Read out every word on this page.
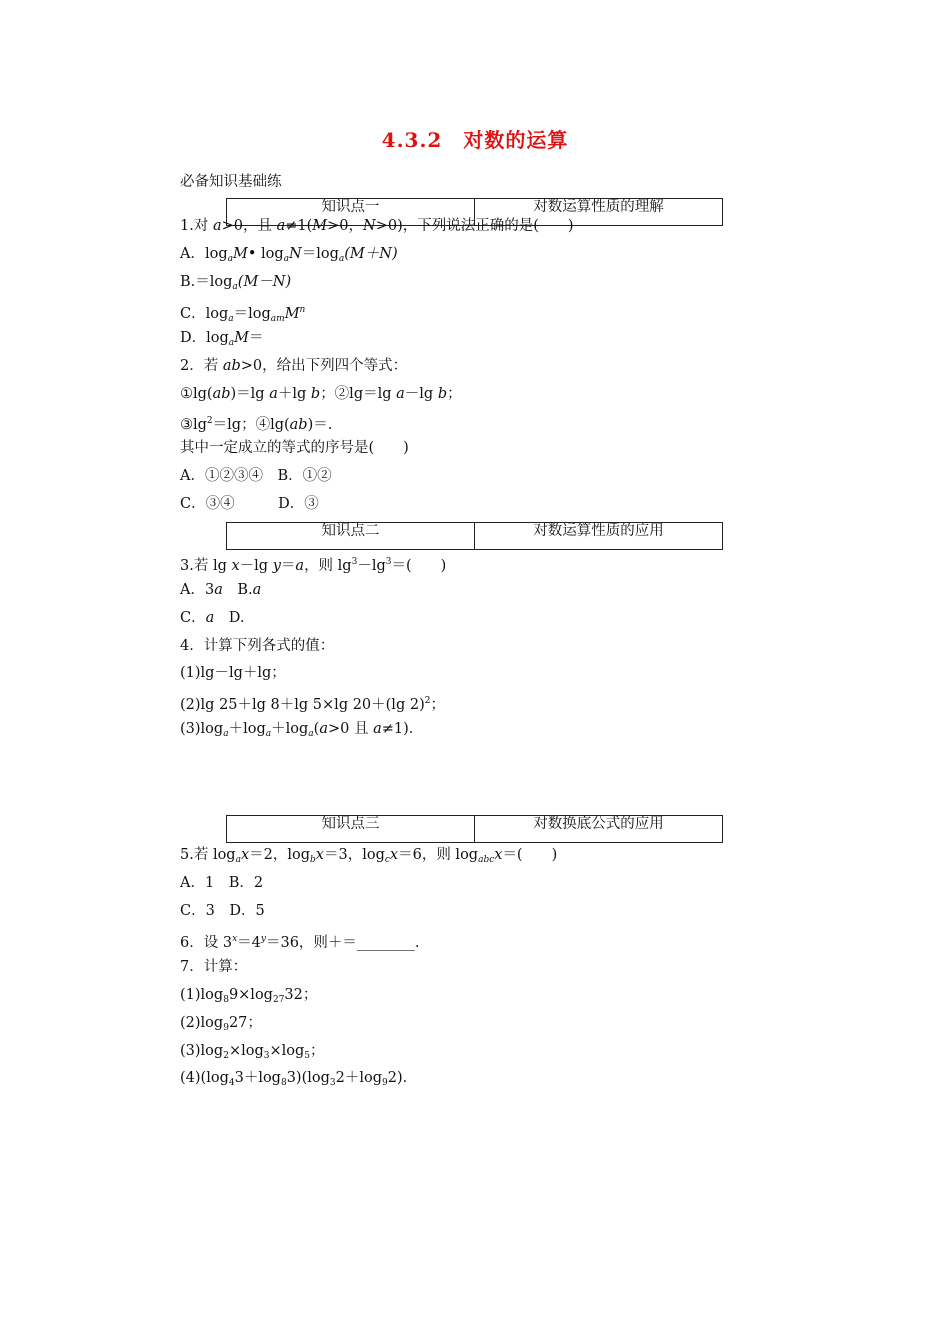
4.3.2　对数的运算
必备知识基础练
知识点一	对数运算性质的理解
1.对 a>0，且 a≠1(M>0，N>0)，下列说法正确的是(　　)
A．$\log_aM•$ $\log_aN=\log_a(M+N)$
$B.=\log_a(M-N)$
C．$\log_a=\log_{am}M^n$
D．$\log_aM=$
2．若 ab>0，给出下列四个等式：
①lg(ab)＝lg a＋lg b；②lg＝lg a－lg b；
$③\lg^2=\lg$；④lg(ab)＝.
其中一定成立的等式的序号是(　　)
A．①②③④　B．①②
C．③④　　　D．③
知识点二	对数运算性质的应用
3.若 lg x－lg y＝a，则 $\lg^3-\lg^3=$(　　)
A．3a　B.a
C．a　D.
4．计算下列各式的值：
(1)lg－lg＋lg；
(2)lg 25＋lg 8＋lg 5×lg 20＋(lg 2)$^2$；
$(3)\log_a+\log_a+\log_a(a>0$ 且 a≠1)．
知识点三	对数换底公式的应用
5.若 $\log_ax=2$，$\log_bx=3$，$\log_cx=6$，则 $\log_{abc}x=$(　　)
A．1　B．2
C．3　D．5
6．设 $3^x=4^y=36$，则＋＝________.
7．计算：
$(1)\log_89\times\log_{27}32$；
$(2)\log_927$；
$(3)\log_2\times\log_3\times\log_5$；
$(4)(\log_43+\log_83)(\log_32+\log_92)$．
